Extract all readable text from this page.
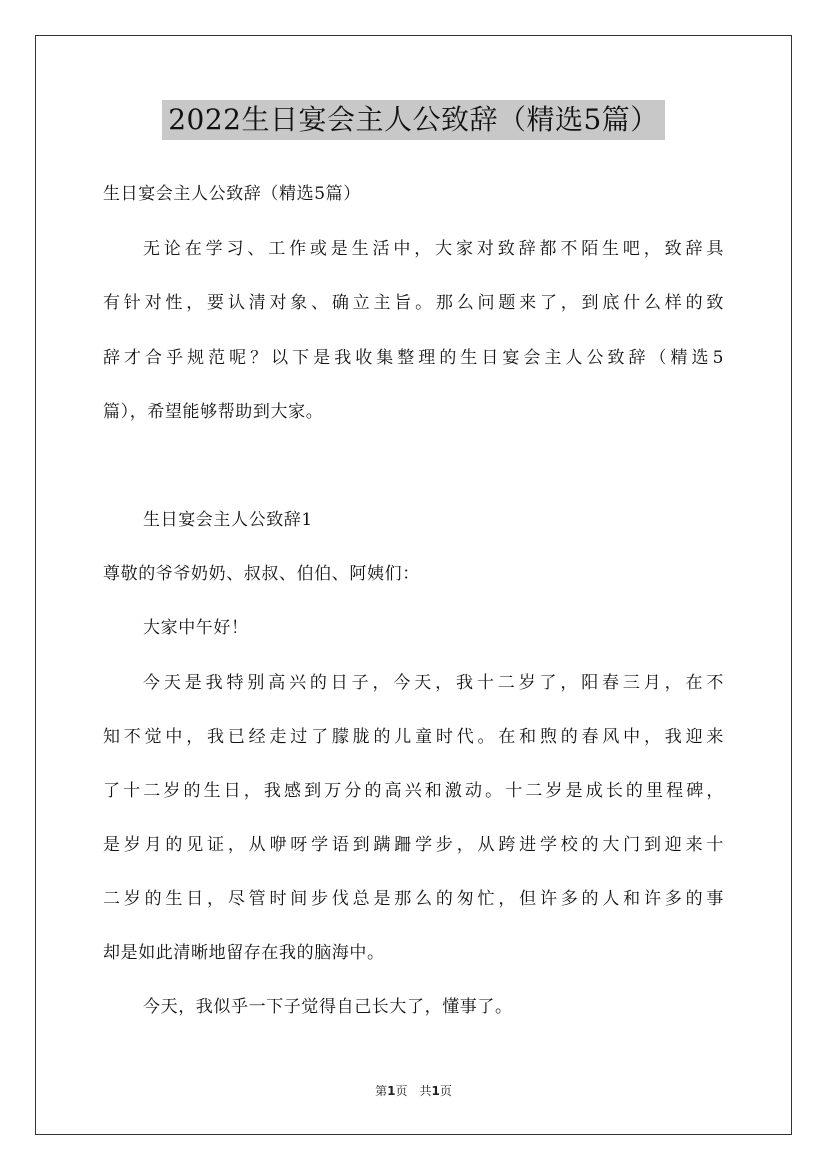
2022生日宴会主人公致辞（精选5篇）
生日宴会主人公致辞（精选5篇）
无论在学习、工作或是生活中，大家对致辞都不陌生吧，致辞具
有针对性，要认清对象、确立主旨。那么问题来了，到底什么样的致
辞才合乎规范呢？以下是我收集整理的生日宴会主人公致辞（精选5
篇），希望能够帮助到大家。
生日宴会主人公致辞1
尊敬的爷爷奶奶、叔叔、伯伯、阿姨们：
大家中午好！
今天是我特别高兴的日子，今天，我十二岁了，阳春三月，在不
知不觉中，我已经走过了朦胧的儿童时代。在和煦的春风中，我迎来
了十二岁的生日，我感到万分的高兴和激动。十二岁是成长的里程碑，
是岁月的见证，从咿呀学语到蹒跚学步，从跨进学校的大门到迎来十
二岁的生日，尽管时间步伐总是那么的匆忙，但许多的人和许多的事
却是如此清晰地留存在我的脑海中。
今天，我似乎一下子觉得自己长大了，懂事了。
第1页 共1页
